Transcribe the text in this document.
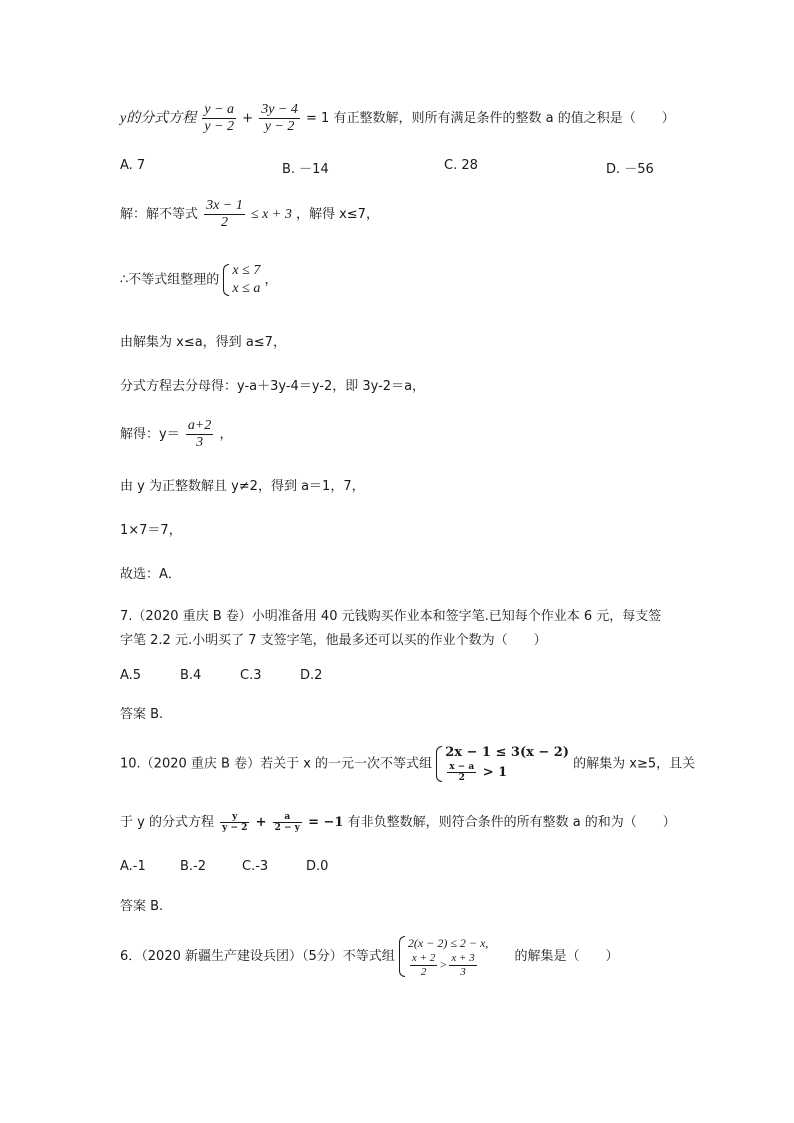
y的分式方程 $\frac{y - a}{y - 2} + \frac{3y - 4}{y - 2} = 1$ 有正整数解，则所有满足条件的整数 a 的值之积是（　　）
A. 7	B. －14	C. 28	D. －56
解：解不等式 $\frac{3x - 1}{2} \le x + 3$ ，解得 x≤7，
∴不等式组整理的
x ≤ 7
x ≤ a
，
由解集为 x≤a，得到 a≤7，
分式方程去分母得：y-a＋3y-4＝y-2，即 3y-2＝a，
解得：$y= \frac{a+2}{3}$ ，
由 y 为正整数解且 y≠2，得到 a＝1，7，
1×7＝7，
故选：A．
7.（2020 重庆 B 卷）小明准备用 40 元钱购买作业本和签字笔.已知每个作业本 6 元，每支签
字笔 2.2 元.小明买了 7 支签字笔，他最多还可以买的作业个数为（　　）
A.5	B.4	C.3	D.2
答案 B.
10.（2020 重庆 B 卷）若关于 x 的一元一次不等式组
2x − 1 ≤ 3(x − 2)
$\frac{x - a}{2} > 1$
的解集为 x≥5，且关
于 y 的分式方程 $\frac{y}{y - 2} + \frac{a}{2 - y} = -1$ 有非负整数解，则符合条件的所有整数 a 的和为（　　）
A.-1	B.-2	C.-3	D.0
答案 B.
6．（2020 新疆生产建设兵团）（5分）不等式组
2(x − 2) ≤ 2 − x,
$\frac{x + 2}{2} > \frac{x + 3}{3}$	的解集是（　　）
